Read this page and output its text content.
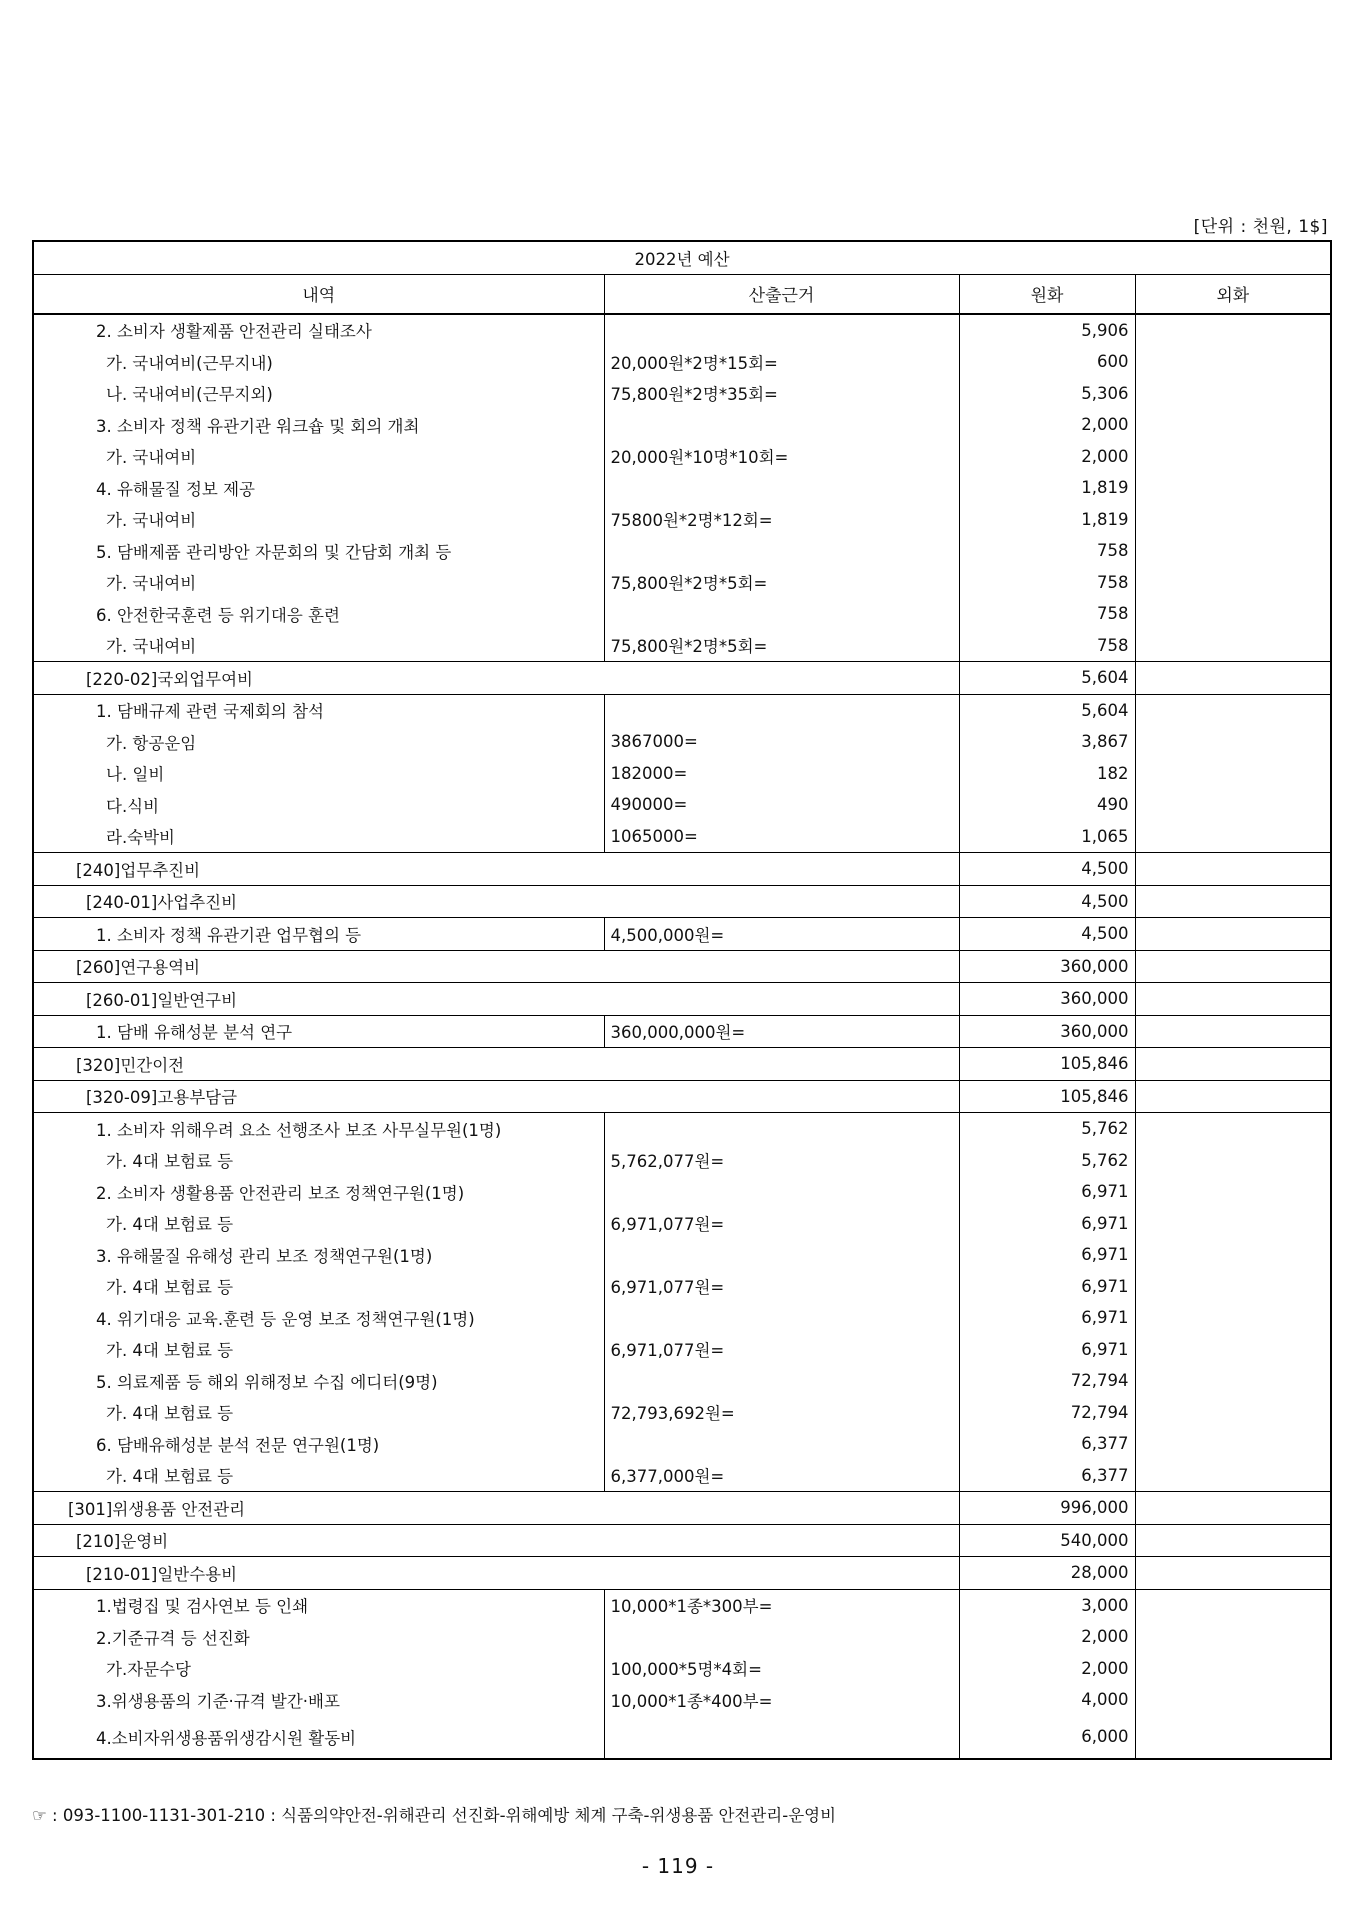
[단위 : 천원, 1$]
2022년 예산			
내역	산출근거	원화	외화
2. 소비자 생활제품 안전관리 실태조사		5,906	
가. 국내여비(근무지내)	20,000원*2명*15회=	600	
나. 국내여비(근무지외)	75,800원*2명*35회=	5,306	
3. 소비자 정책 유관기관 워크숍 및 회의 개최		2,000	
가. 국내여비	20,000원*10명*10회=	2,000	
4. 유해물질 정보 제공		1,819	
가. 국내여비	75800원*2명*12회=	1,819	
5. 담배제품 관리방안 자문회의 및 간담회 개최 등		758	
가. 국내여비	75,800원*2명*5회=	758	
6. 안전한국훈련 등 위기대응 훈련		758	
가. 국내여비	75,800원*2명*5회=	758	
[220-02]국외업무여비		5,604	
1. 담배규제 관련 국제회의 참석		5,604	
가. 항공운임	3867000=	3,867	
나. 일비	182000=	182	
다.식비	490000=	490	
라.숙박비	1065000=	1,065	
[240]업무추진비		4,500	
[240-01]사업추진비		4,500	
1. 소비자 정책 유관기관 업무협의 등	4,500,000원=	4,500	
[260]연구용역비		360,000	
[260-01]일반연구비		360,000	
1. 담배 유해성분 분석 연구	360,000,000원=	360,000	
[320]민간이전		105,846	
[320-09]고용부담금		105,846	
1. 소비자 위해우려 요소 선행조사 보조 사무실무원(1명)		5,762	
가. 4대 보험료 등	5,762,077원=	5,762	
2. 소비자 생활용품 안전관리 보조 정책연구원(1명)		6,971	
가. 4대 보험료 등	6,971,077원=	6,971	
3. 유해물질 유해성 관리 보조 정책연구원(1명)		6,971	
가. 4대 보험료 등	6,971,077원=	6,971	
4. 위기대응 교육.훈련 등 운영 보조 정책연구원(1명)		6,971	
가. 4대 보험료 등	6,971,077원=	6,971	
5. 의료제품 등 해외 위해정보 수집 에디터(9명)		72,794	
가. 4대 보험료 등	72,793,692원=	72,794	
6. 담배유해성분 분석 전문 연구원(1명)		6,377	
가. 4대 보험료 등	6,377,000원=	6,377	
[301]위생용품 안전관리		996,000	
[210]운영비		540,000	
[210-01]일반수용비		28,000	
1.법령집 및 검사연보 등 인쇄	10,000*1종*300부=	3,000	
2.기준규격 등 선진화		2,000	
가.자문수당	100,000*5명*4회=	2,000	
3.위생용품의 기준·규격 발간·배포	10,000*1종*400부=	4,000	
4.소비자위생용품위생감시원 활동비		6,000	
☞ : 093-1100-1131-301-210 : 식품의약안전-위해관리 선진화-위해예방 체계 구축-위생용품 안전관리-운영비
- 119 -
